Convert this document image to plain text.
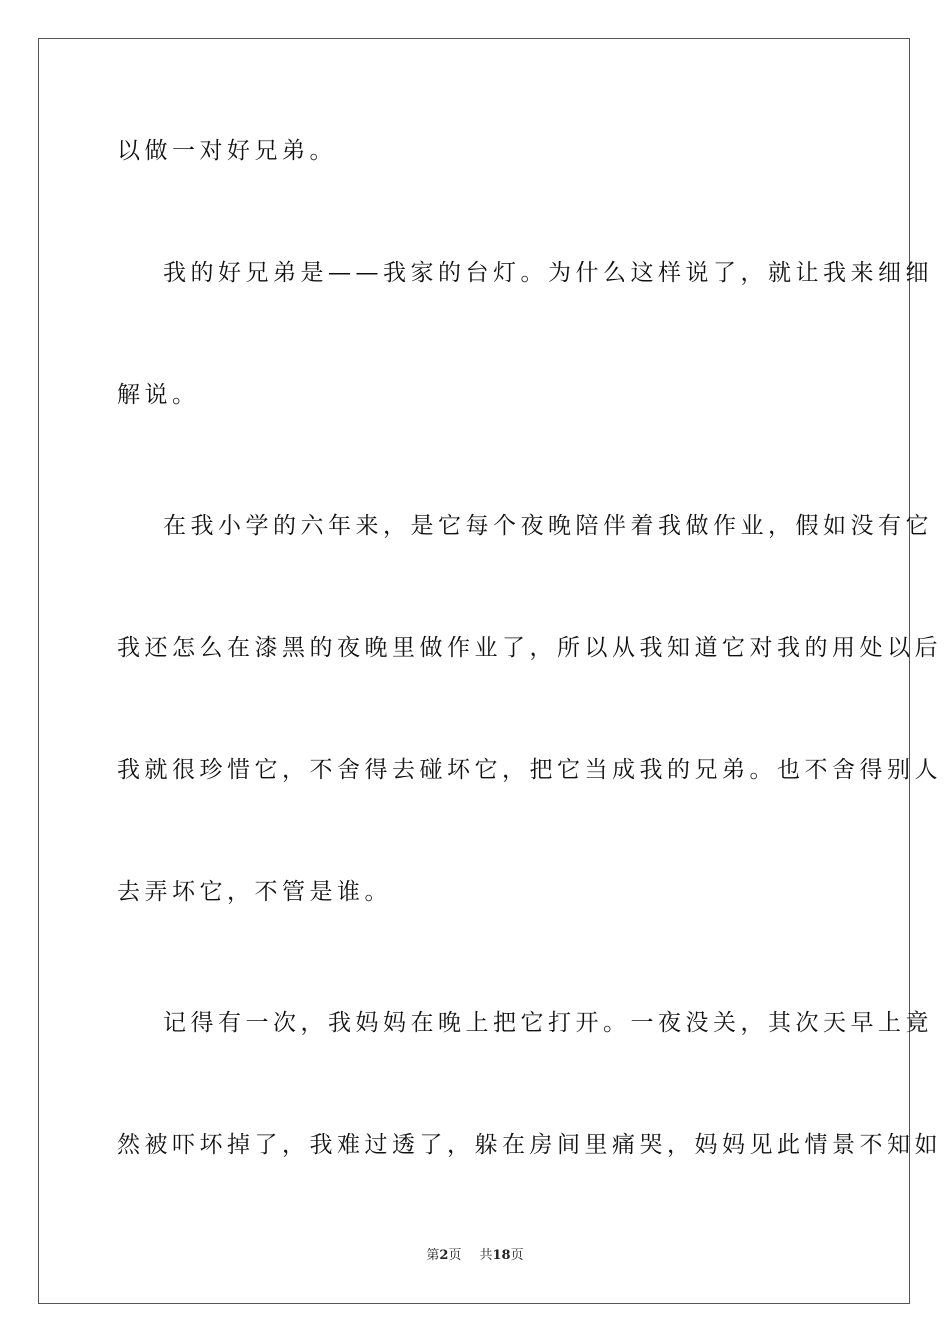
以做一对好兄弟。
我的好兄弟是——我家的台灯。为什么这样说了，就让我来细细
解说。
在我小学的六年来，是它每个夜晚陪伴着我做作业，假如没有它
我还怎么在漆黑的夜晚里做作业了，所以从我知道它对我的用处以后
我就很珍惜它，不舍得去碰坏它，把它当成我的兄弟。也不舍得别人
去弄坏它，不管是谁。
记得有一次，我妈妈在晚上把它打开。一夜没关，其次天早上竟
然被吓坏掉了，我难过透了，躲在房间里痛哭，妈妈见此情景不知如
第2页 共18页
